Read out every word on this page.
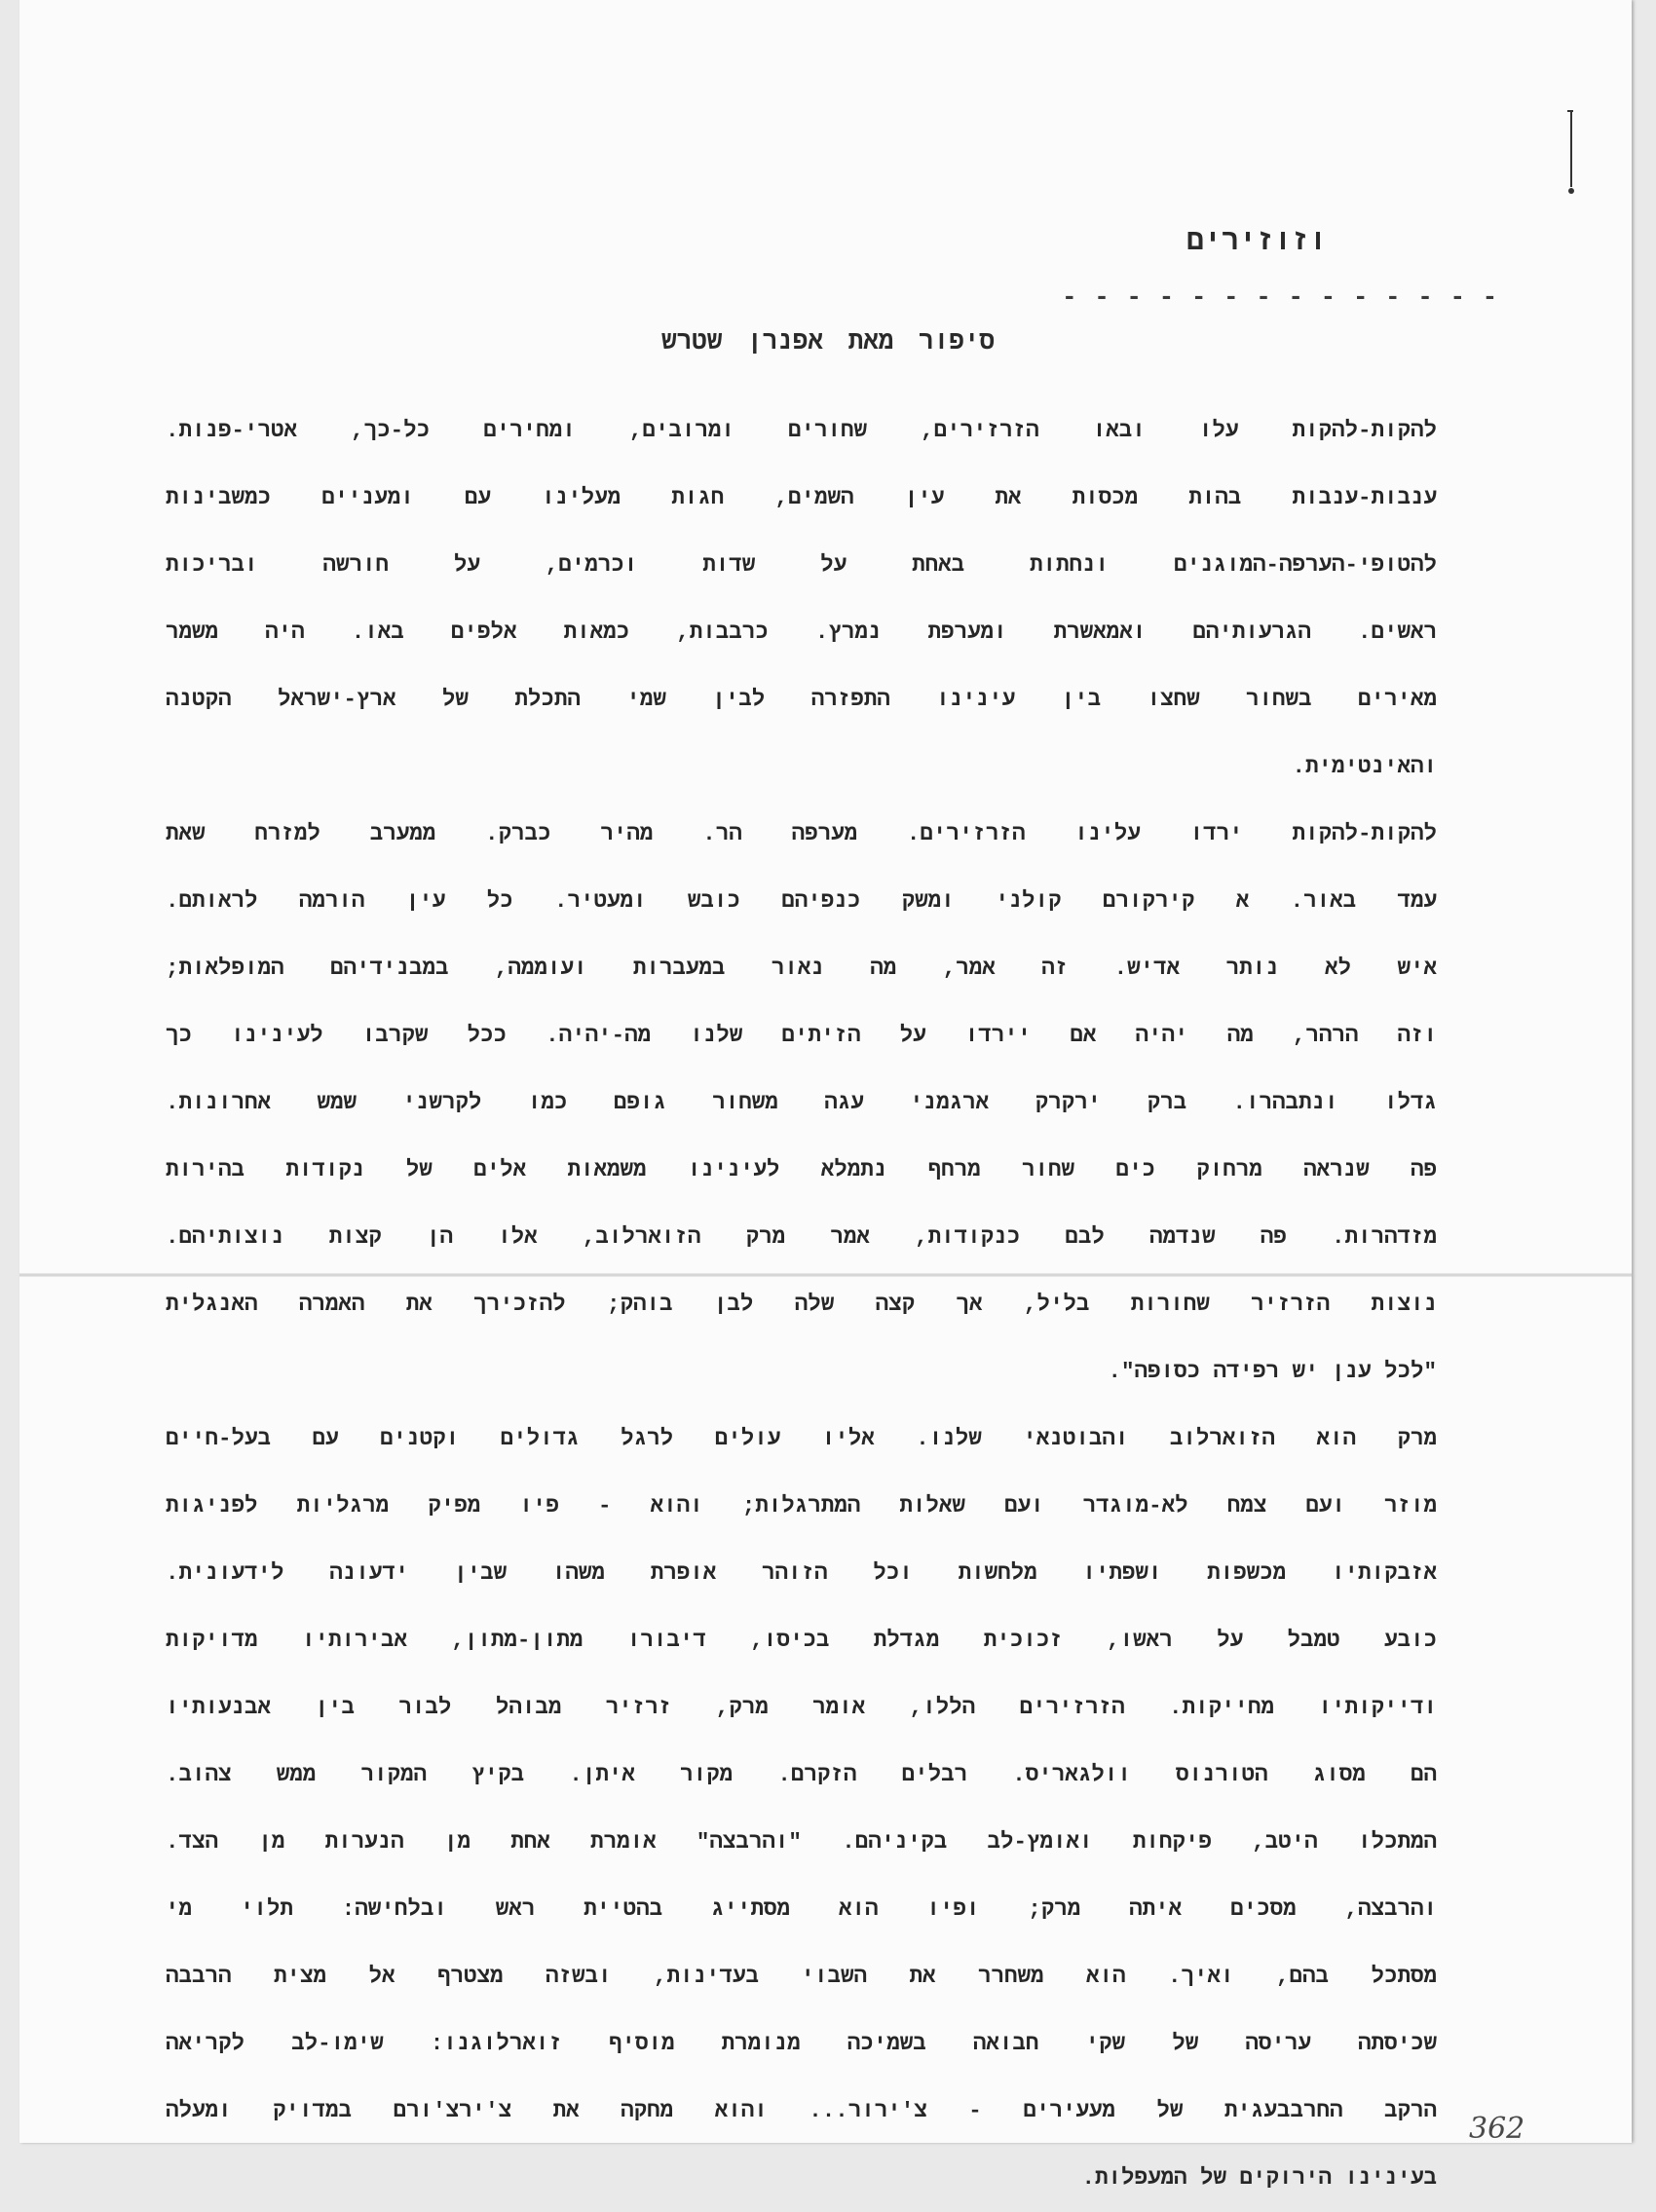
וזוזירים
- - - - - - - - - - - - - -
סיפור מאת אפנרן שטרש
להקות-להקות עלו ובאו הזרזירים, שחורים ומרובים, ומחירים כל-כך, אטרי-פנות.
ענבות-ענבות בהות מכסות את עין השמים, חגות מעלינו עם ומעניים כמשבינות
להטופי-הערפה-המוגנים ונחתות באחת על שדות וכרמים, על חורשה ובריכות
ראשים. הגרעותיהם ואמאשרת ומערפת נמרץ. כרבבות, כמאות אלפים באו. היה משמר
מאירים בשחור שחצו בין עינינו התפזרה לבין שמי התכלת של ארץ-ישראל הקטנה
והאינטימית.
להקות-להקות ירדו עלינו הזרזירים. מערפה הר. מהיר כברק. ממערב למזרח שאת
עמד באור. א קירקורם קולני ומשק כנפיהם כובש ומעטיר. כל עין הורמה לראותם.
איש לא נותר אדיש. זה אמר, מה נאור במעברות ועוממה, במבנידיהם המופלאות;
וזה הרהר, מה יהיה אם יירדו על הזיתים שלנו מה-יהיה. ככל שקרבו לעינינו כך
גדלו ונתבהרו. ברק ירקרק ארגמני עגה משחור גופם כמו לקרשני שמש אחרונות.
פה שנראה מרחוק כים שחור מרחף נתמלא לעינינו משמאות אלים של נקודות בהירות
מזדהרות. פה שנדמה לבם כנקודות, אמר מרק הזוארלוב, אלו הן קצות נוצותיהם.
נוצות הזרזיר שחורות בליל, אך קצה שלה לבן בוהק; להזכירך את האמרה האנגלית
"לכל ענן יש רפידה כסופה".
מרק הוא הזוארלוב והבוטנאי שלנו. אליו עולים לרגל גדולים וקטנים עם בעל-חיים
מוזר ועם צמח לא-מוגדר ועם שאלות המתרגלות; והוא - פיו מפיק מרגליות לפניגות
אזבקותיו מכשפות ושפתיו מלחשות וכל הזוהר אופרת משהו שבין ידעונה לידעונית.
כובע טמבל על ראשו, זכוכית מגדלת בכיסו, דיבורו מתון-מתון, אבירותיו מדויקות
ודייקותיו מחייקות. הזרזירים הללו, אומר מרק, זרזיר מבוהל לבור בין אבנעותיו
הם מסוג הטורנוס וולגאריס. רבלים הזקרם. מקור איתן. בקיץ המקור ממש צהוב.
המתכלו היטב, פיקחות ואומץ-לב בקיניהם. "והרבצה" אומרת אחת מן הנערות מן הצד.
והרבצה, מסכים איתה מרק; ופיו הוא מסתייג בהטיית ראש ובלחישה: תלוי מי
מסתכל בהם, ואיך. הוא משחרר את השבוי בעדינות, ובשזה מצטרף אל מצית הרבבה
שכיסתה עריסה של שקי חבואה בשמיכה מנומרת מוסיף זוארלוגנו: שימו-לב לקריאה
הרקב החרבבעגית של מעעירים - צ'ירור... והוא מחקה את צ'ירצ'ורם במדויק ומעלה
בעינינו הירוקים של המעפלות.
362
